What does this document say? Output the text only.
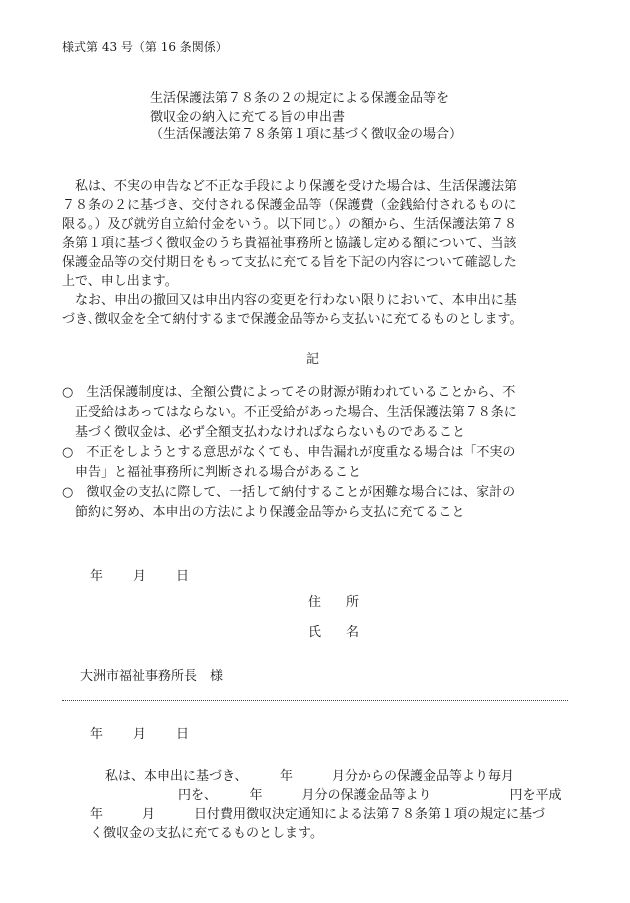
様式第 43 号（第 16 条関係）
生活保護法第７８条の２の規定による保護金品等を
徴収金の納入に充てる旨の申出書
（生活保護法第７８条第１項に基づく徴収金の場合）
　私は、不実の申告など不正な手段により保護を受けた場合は、生活保護法第
７８条の２に基づき、交付される保護金品等（保護費（金銭給付されるものに
限る。）及び就労自立給付金をいう。以下同じ。）の額から、生活保護法第７８
条第１項に基づく徴収金のうち貴福祉事務所と協議し定める額について、当該
保護金品等の交付期日をもって支払に充てる旨を下記の内容について確認した
上で、申し出ます。
　なお、申出の撤回又は申出内容の変更を行わない限りにおいて、本申出に基
づき､徴収金を全て納付するまで保護金品等から支払いに充てるものとします。
記
○　生活保護制度は、全額公費によってその財源が賄われていることから、不
　正受給はあってはならない。不正受給があった場合、生活保護法第７８条に
　基づく徴収金は、必ず全額支払わなければならないものであること
○　不正をしようとする意思がなくても、申告漏れが度重なる場合は「不実の
　申告」と福祉事務所に判断される場合があること
○　徴収金の支払に際して、一括して納付することが困難な場合には、家計の
　節約に努め、本申出の方法により保護金品等から支払に充てること
年 月 日
住　所
氏　名
大洲市福祉事務所長　様
年 月 日
私は、本申出に基づき、　　　年　　　月分からの保護金品等より毎月
円を、　　　年　　　月分の保護金品等より　　　　　　円を平成
年　　　月　　　日付費用徴収決定通知による法第７８条第１項の規定に基づ
く徴収金の支払に充てるものとします。
